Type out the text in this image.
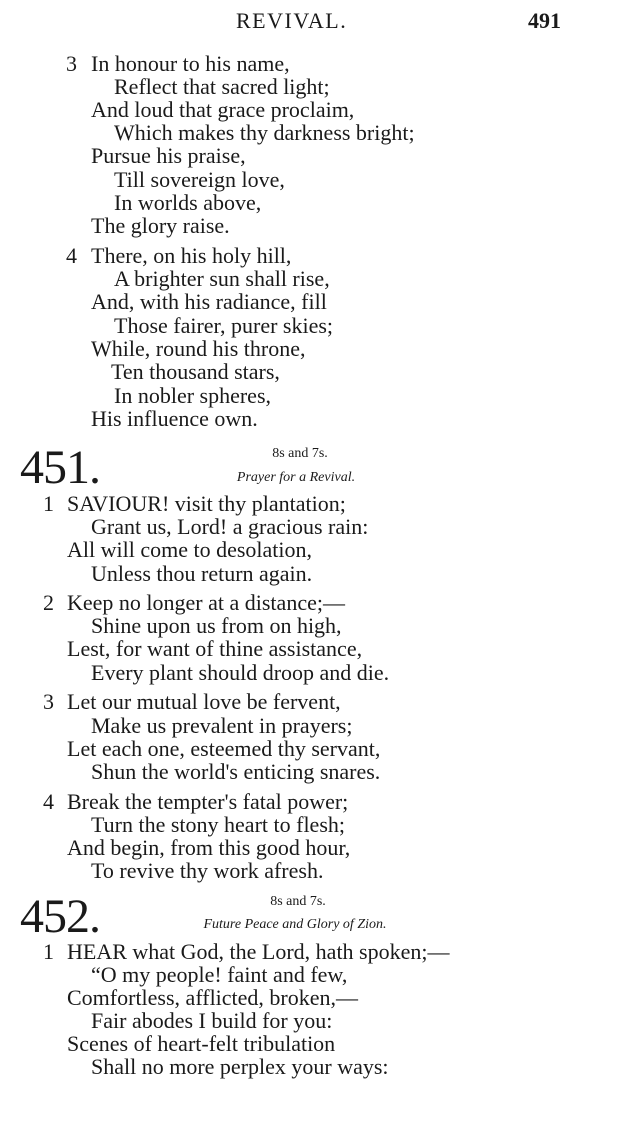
REVIVAL.	491
3 In honour to his name,
Reflect that sacred light;
And loud that grace proclaim,
Which makes thy darkness bright;
Pursue his praise,
Till sovereign love,
In worlds above,
The glory raise.
4 There, on his holy hill,
A brighter sun shall rise,
And, with his radiance, fill
Those fairer, purer skies;
While, round his throne,
Ten thousand stars,
In nobler spheres,
His influence own.
451.	8s and 7s.
Prayer for a Revival.
1 SAVIOUR! visit thy plantation;
Grant us, Lord! a gracious rain:
All will come to desolation,
Unless thou return again.
2 Keep no longer at a distance;—
Shine upon us from on high,
Lest, for want of thine assistance,
Every plant should droop and die.
3 Let our mutual love be fervent,
Make us prevalent in prayers;
Let each one, esteemed thy servant,
Shun the world's enticing snares.
4 Break the tempter's fatal power;
Turn the stony heart to flesh;
And begin, from this good hour,
To revive thy work afresh.
452.	8s and 7s.
Future Peace and Glory of Zion.
1 HEAR what God, the Lord, hath spoken;—
“O my people! faint and few,
Comfortless, afflicted, broken,—
Fair abodes I build for you:
Scenes of heart-felt tribulation
Shall no more perplex your ways:
